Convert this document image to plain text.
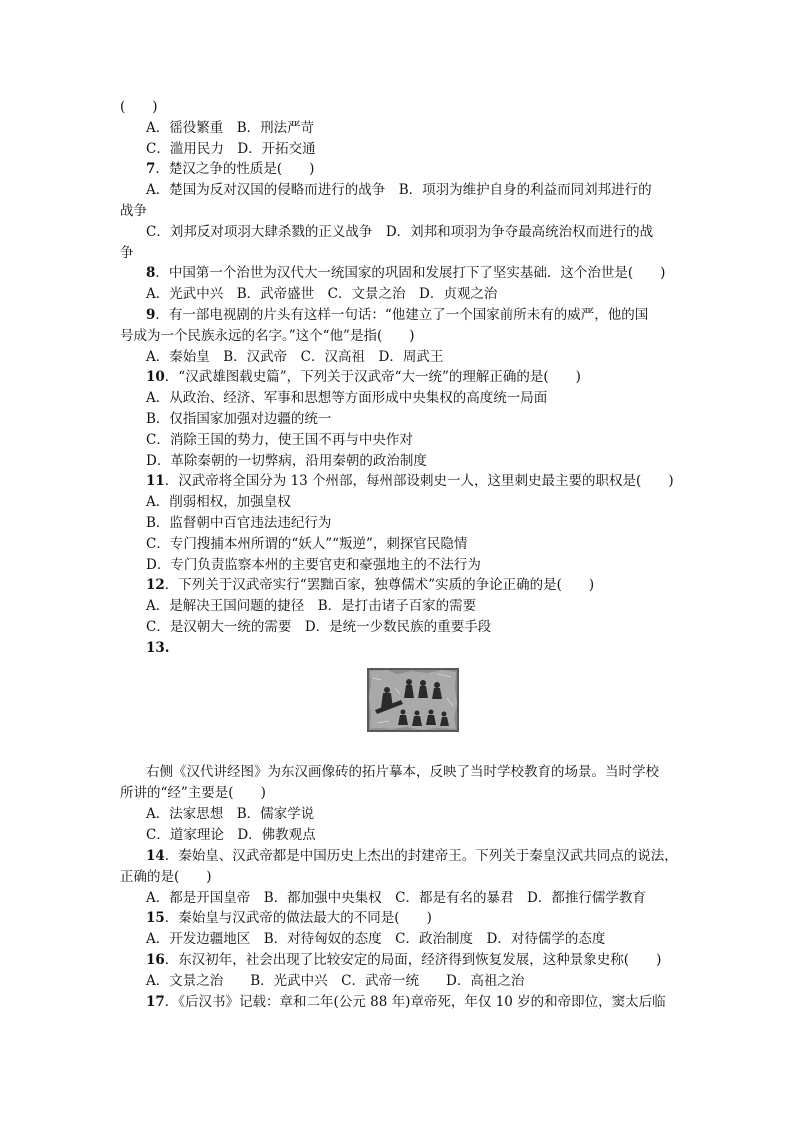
(　　)
A．徭役繁重　B．刑法严苛
C．滥用民力　D．开拓交通
7．楚汉之争的性质是(　　)
A．楚国为反对汉国的侵略而进行的战争　B．项羽为维护自身的利益而同刘邦进行的
战争
C．刘邦反对项羽大肆杀戮的正义战争　D．刘邦和项羽为争夺最高统治权而进行的战
争
8．中国第一个治世为汉代大一统国家的巩固和发展打下了坚实基础．这个治世是(　　)
A．光武中兴　B．武帝盛世　C．文景之治　D．贞观之治
9．有一部电视剧的片头有这样一句话：“他建立了一个国家前所未有的威严，他的国
号成为一个民族永远的名字。”这个“他”是指(　　)
A．秦始皇　B．汉武帝　C．汉高祖　D．周武王
10．“汉武雄图载史篇”，下列关于汉武帝“大一统”的理解正确的是(　　)
A．从政治、经济、军事和思想等方面形成中央集权的高度统一局面
B．仅指国家加强对边疆的统一
C．消除王国的势力，使王国不再与中央作对
D．革除秦朝的一切弊病，沿用秦朝的政治制度
11．汉武帝将全国分为 13 个州部，每州部设刺史一人，这里刺史最主要的职权是(　　)
A．削弱相权，加强皇权
B．监督朝中百官违法违纪行为
C．专门搜捕本州所谓的“妖人”“叛逆”，刺探官民隐情
D．专门负责监察本州的主要官吏和豪强地主的不法行为
12．下列关于汉武帝实行“罢黜百家，独尊儒术”实质的争论正确的是(　　)
A．是解决王国问题的捷径　B．是打击诸子百家的需要
C．是汉朝大一统的需要　D．是统一少数民族的重要手段
13.
右侧《汉代讲经图》为东汉画像砖的拓片摹本，反映了当时学校教育的场景。当时学校
所讲的“经”主要是(　　)
A．法家思想　B．儒家学说
C．道家理论　D．佛教观点
14．秦始皇、汉武帝都是中国历史上杰出的封建帝王。下列关于秦皇汉武共同点的说法，
正确的是(　　)
A．都是开国皇帝　B．都加强中央集权　C．都是有名的暴君　D．都推行儒学教育
15．秦始皇与汉武帝的做法最大的不同是(　　)
A．开发边疆地区　B．对待匈奴的态度　C．政治制度　D．对待儒学的态度
16．东汉初年，社会出现了比较安定的局面，经济得到恢复发展，这种景象史称(　　)
A．文景之治　　B．光武中兴　C．武帝一统　　D．高祖之治
17．《后汉书》记载：章和二年(公元 88 年)章帝死，年仅 10 岁的和帝即位，窦太后临
